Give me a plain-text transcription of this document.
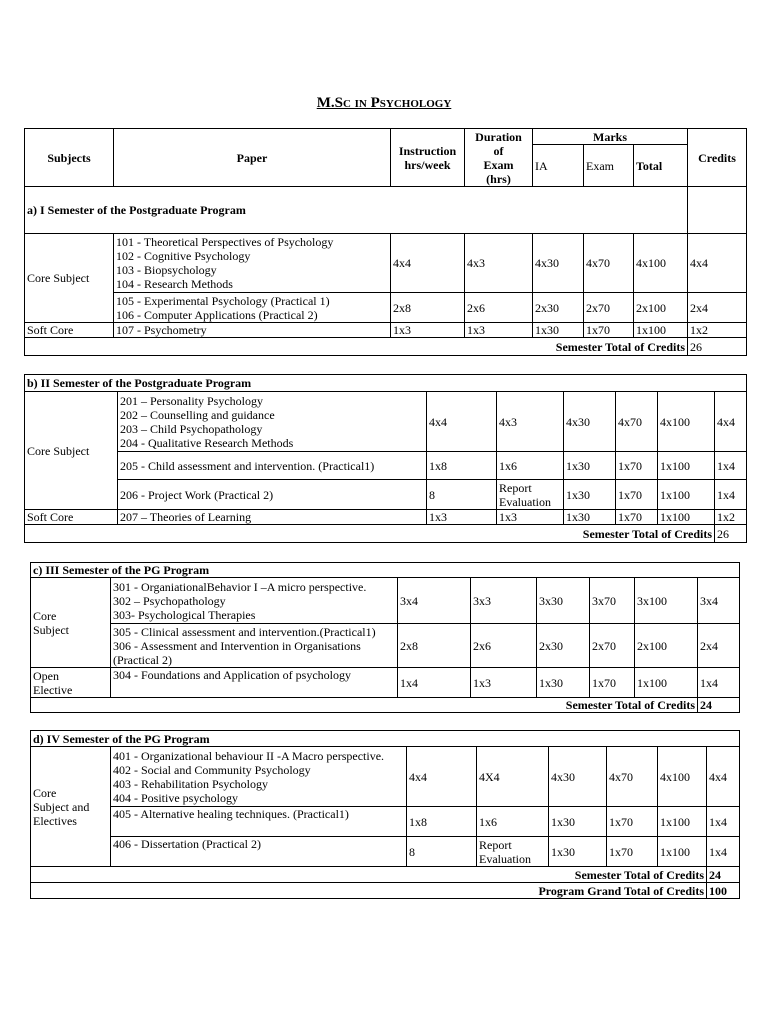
M.Sc in Psychology
Subjects	Paper	Instruction hrs/week	Duration
of
Exam
(hrs)	Marks			Credits
				IA	Exam	Total	
a) I Semester of the Postgraduate Program							
Core Subject	101 - Theoretical Perspectives of Psychology
102 - Cognitive Psychology
103 - Biopsychology
104 - Research Methods	4x4	4x3	4x30	4x70	4x100	4x4

	105 - Experimental Psychology (Practical 1)
106 - Computer Applications (Practical 2)	2x8	2x6	2x30	2x70	2x100	2x4
Soft Core	107 - Psychometry	1x3	1x3	1x30	1x70	1x100	1x2
Semester Total of Credits							26
b) II Semester of the Postgraduate Program							
Core Subject	201 – Personality Psychology
202 – Counselling and guidance
203 – Child Psychopathology
204 - Qualitative Research Methods	4x4	4x3	4x30	4x70	4x100	4x4
	205 - Child assessment and intervention. (Practical1)	1x8	1x6	1x30	1x70	1x100	1x4
	206 - Project Work (Practical 2)	8	Report
Evaluation	1x30	1x70	1x100	1x4
Soft Core	207 – Theories of Learning	1x3	1x3	1x30	1x70	1x100	1x2
Semester Total of Credits							26
c) III Semester of the PG Program							

Core
Subject	301 - OrganiationalBehavior I –A micro perspective.
302 – Psychopathology
303- Psychological Therapies	3x4	3x3	3x30	3x70	3x100	3x4

	305 - Clinical assessment and intervention.(Practical1)
306 - Assessment and Intervention in Organisations
(Practical 2)	2x8	2x6	2x30	2x70	2x100	2x4

Open
Elective	304 - Foundations and Application of psychology	1x4	1x3	1x30	1x70	1x100	1x4
Semester Total of Credits							24
d) IV Semester of the PG Program							

Core
Subject and
Electives	401 - Organizational behaviour II -A Macro perspective.
402 - Social and Community Psychology
403 - Rehabilitation Psychology
404 - Positive psychology	4x4	4X4	4x30	4x70	4x100	4x4
	405 - Alternative healing techniques. (Practical1)	1x8	1x6	1x30	1x70	1x100	1x4
	406 - Dissertation (Practical 2)	8	Report
Evaluation	1x30	1x70	1x100	1x4
Semester Total of Credits							24
Program Grand Total of Credits							100
